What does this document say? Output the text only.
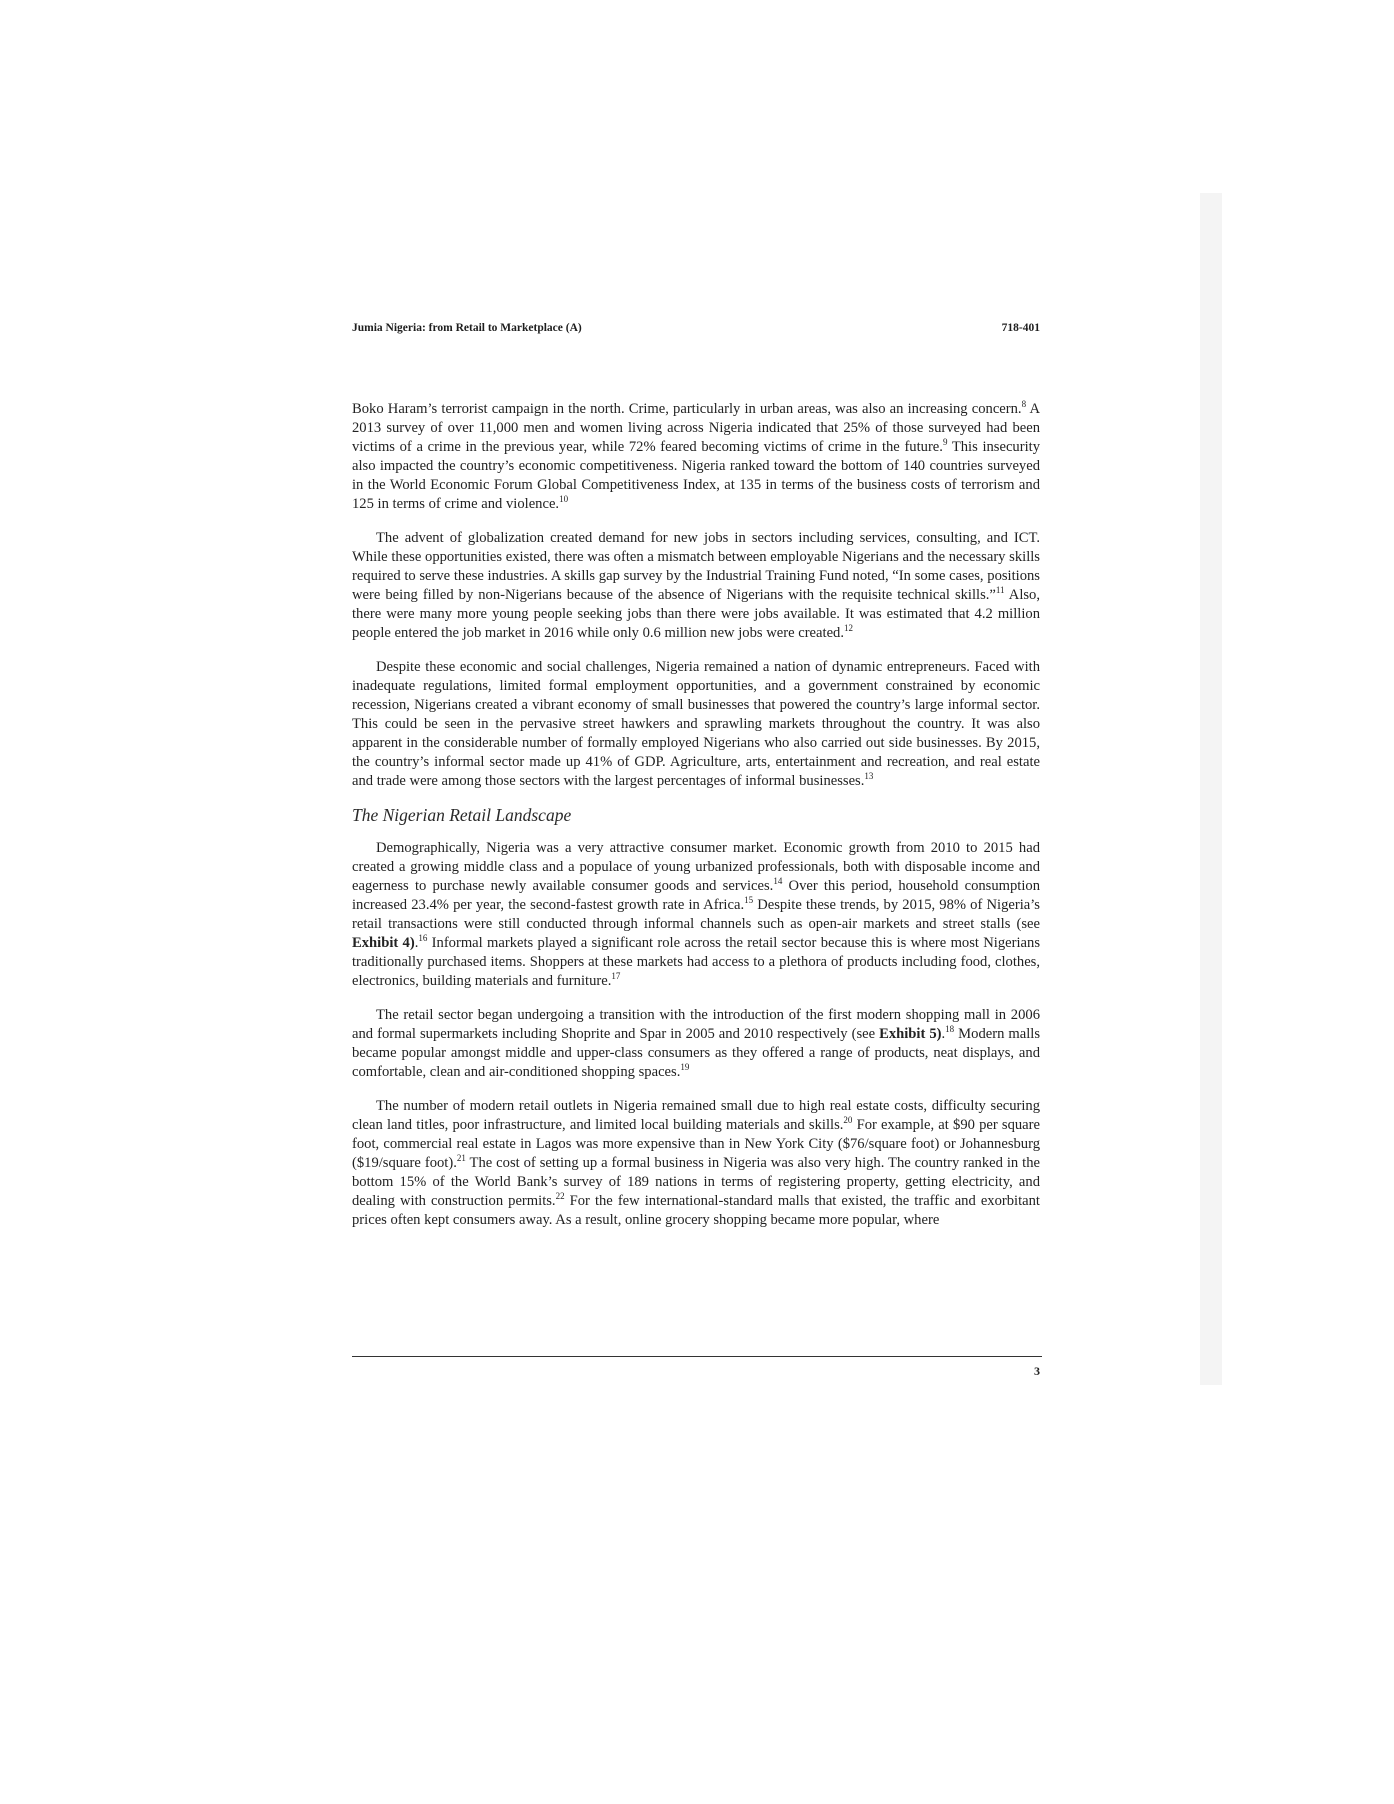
Jumia Nigeria: from Retail to Marketplace (A)	718-401

Boko Haram’s terrorist campaign in the north. Crime, particularly in urban areas, was also an increasing concern.$^8$ A 2013 survey of over 11,000 men and women living across Nigeria indicated that 25% of those surveyed had been victims of a crime in the previous year, while 72% feared becoming victims of crime in the future.$^9$ This insecurity also impacted the country’s economic competitiveness. Nigeria ranked toward the bottom of 140 countries surveyed in the World Economic Forum Global Competitiveness Index, at 135 in terms of the business costs of terrorism and 125 in terms of crime and violence.$^{10}$

The advent of globalization created demand for new jobs in sectors including services, consulting, and ICT. While these opportunities existed, there was often a mismatch between employable Nigerians and the necessary skills required to serve these industries. A skills gap survey by the Industrial Training Fund noted, “In some cases, positions were being filled by non-Nigerians because of the absence of Nigerians with the requisite technical skills.”$^{11}$ Also, there were many more young people seeking jobs than there were jobs available. It was estimated that 4.2 million people entered the job market in 2016 while only 0.6 million new jobs were created.$^{12}$

Despite these economic and social challenges, Nigeria remained a nation of dynamic entrepreneurs. Faced with inadequate regulations, limited formal employment opportunities, and a government constrained by economic recession, Nigerians created a vibrant economy of small businesses that powered the country’s large informal sector. This could be seen in the pervasive street hawkers and sprawling markets throughout the country. It was also apparent in the considerable number of formally employed Nigerians who also carried out side businesses. By 2015, the country’s informal sector made up 41% of GDP. Agriculture, arts, entertainment and recreation, and real estate and trade were among those sectors with the largest percentages of informal businesses.$^{13}$

The Nigerian Retail Landscape

Demographically, Nigeria was a very attractive consumer market. Economic growth from 2010 to 2015 had created a growing middle class and a populace of young urbanized professionals, both with disposable income and eagerness to purchase newly available consumer goods and services.$^{14}$ Over this period, household consumption increased 23.4% per year, the second-fastest growth rate in Africa.$^{15}$ Despite these trends, by 2015, 98% of Nigeria’s retail transactions were still conducted through informal channels such as open-air markets and street stalls (see Exhibit 4).$^{16}$ Informal markets played a significant role across the retail sector because this is where most Nigerians traditionally purchased items. Shoppers at these markets had access to a plethora of products including food, clothes, electronics, building materials and furniture.$^{17}$

The retail sector began undergoing a transition with the introduction of the first modern shopping mall in 2006 and formal supermarkets including Shoprite and Spar in 2005 and 2010 respectively (see Exhibit 5).$^{18}$ Modern malls became popular amongst middle and upper-class consumers as they offered a range of products, neat displays, and comfortable, clean and air-conditioned shopping spaces.$^{19}$

The number of modern retail outlets in Nigeria remained small due to high real estate costs, difficulty securing clean land titles, poor infrastructure, and limited local building materials and skills.$^{20}$ For example, at $90 per square foot, commercial real estate in Lagos was more expensive than in New York City ($76/square foot) or Johannesburg ($19/square foot).$^{21}$ The cost of setting up a formal business in Nigeria was also very high. The country ranked in the bottom 15% of the World Bank’s survey of 189 nations in terms of registering property, getting electricity, and dealing with construction permits.$^{22}$ For the few international-standard malls that existed, the traffic and exorbitant prices often kept consumers away. As a result, online grocery shopping became more popular, where

3
